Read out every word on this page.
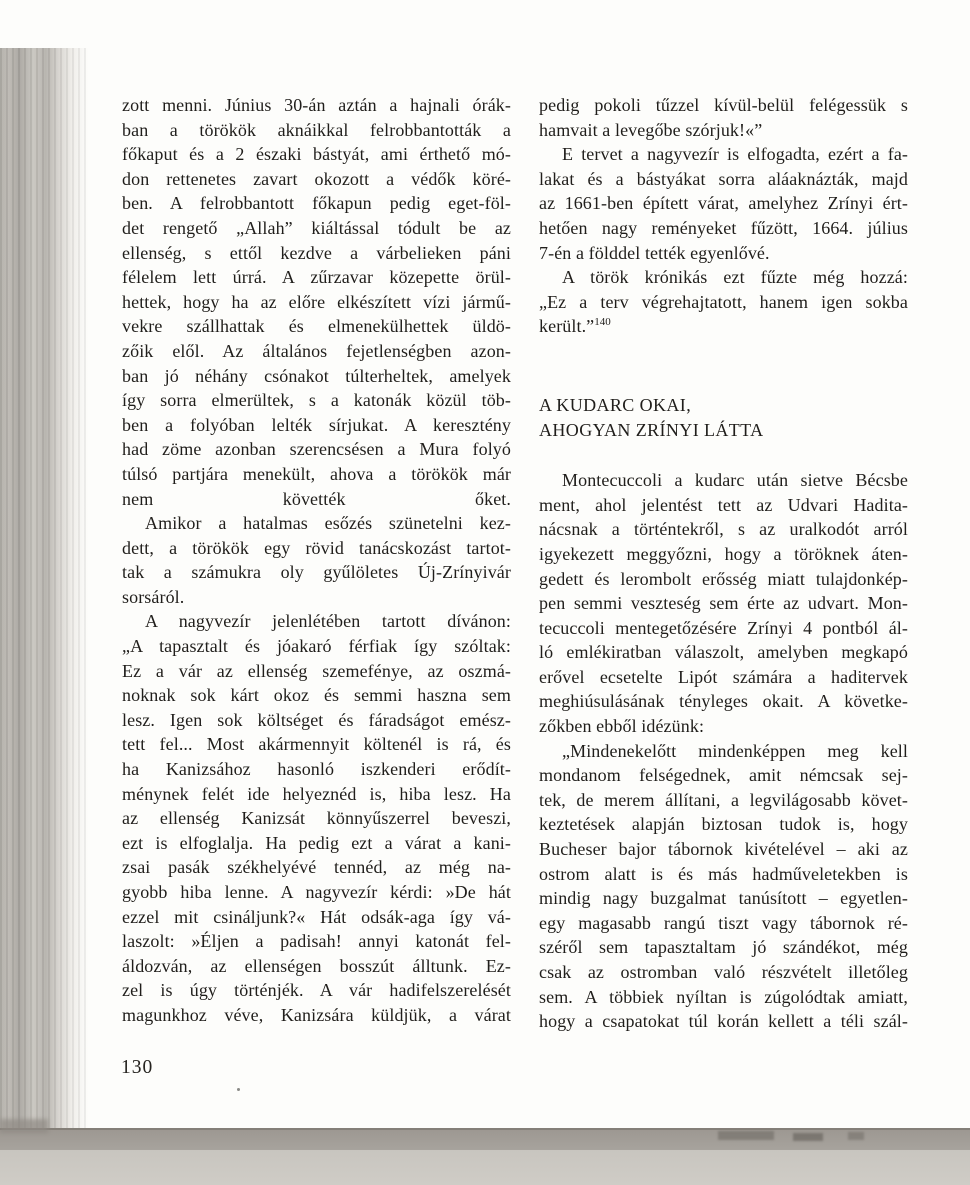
zott menni. Június 30-án aztán a hajnali órák-
ban a törökök aknáikkal felrobbantották a
főkaput és a 2 északi bástyát, ami érthető mó-
don rettenetes zavart okozott a védők köré-
ben. A felrobbantott főkapun pedig eget-föl-
det rengető „Allah” kiáltással tódult be az
ellenség, s ettől kezdve a várbelieken páni
félelem lett úrrá. A zűrzavar közepette örül-
hettek, hogy ha az előre elkészített vízi jármű-
vekre szállhattak és elmenekülhettek üldö-
zőik elől. Az általános fejetlenségben azon-
ban jó néhány csónakot túlterheltek, amelyek
így sorra elmerültek, s a katonák közül töb-
ben a folyóban lelték sírjukat. A keresztény
had zöme azonban szerencsésen a Mura folyó
túlsó partjára menekült, ahova a törökök már
nem követték őket.
Amikor a hatalmas esőzés szünetelni kez-
dett, a törökök egy rövid tanácskozást tartot-
tak a számukra oly gyűlöletes Új-Zrínyivár
sorsáról.
A nagyvezír jelenlétében tartott dívánon:
„A tapasztalt és jóakaró férfiak így szóltak:
Ez a vár az ellenség szemefénye, az oszmá-
noknak sok kárt okoz és semmi haszna sem
lesz. Igen sok költséget és fáradságot emész-
tett fel... Most akármennyit költenél is rá, és
ha Kanizsához hasonló iszkenderi erődít-
ménynek felét ide helyeznéd is, hiba lesz. Ha
az ellenség Kanizsát könnyűszerrel beveszi,
ezt is elfoglalja. Ha pedig ezt a várat a kani-
zsai pasák székhelyévé tennéd, az még na-
gyobb hiba lenne. A nagyvezír kérdi: »De hát
ezzel mit csináljunk?« Hát odsák-aga így vá-
laszolt: »Éljen a padisah! annyi katonát fel-
áldozván, az ellenségen bosszút álltunk. Ez-
zel is úgy történjék. A vár hadifelszerelését
magunkhoz véve, Kanizsára küldjük, a várat
pedig pokoli tűzzel kívül-belül felégessük s
hamvait a levegőbe szórjuk!«”
E tervet a nagyvezír is elfogadta, ezért a fa-
lakat és a bástyákat sorra aláaknázták, majd
az 1661-ben épített várat, amelyhez Zrínyi ért-
hetően nagy reményeket fűzött, 1664. július
7-én a földdel tették egyenlővé.
A török krónikás ezt fűzte még hozzá:
„Ez a terv végrehajtatott, hanem igen sokba
került.”$^{140}$
A KUDARC OKAI,
AHOGYAN ZRÍNYI LÁTTA
Montecuccoli a kudarc után sietve Bécsbe
ment, ahol jelentést tett az Udvari Hadita-
nácsnak a történtekről, s az uralkodót arról
igyekezett meggyőzni, hogy a töröknek áten-
gedett és lerombolt erősség miatt tulajdonkép-
pen semmi veszteség sem érte az udvart. Mon-
tecuccoli mentegetőzésére Zrínyi 4 pontból ál-
ló emlékiratban válaszolt, amelyben megkapó
erővel ecsetelte Lipót számára a haditervek
meghiúsulásának tényleges okait. A követke-
zőkben ebből idézünk:
„Mindenekelőtt mindenképpen meg kell
mondanom felségednek, amit némcsak sej-
tek, de merem állítani, a legvilágosabb követ-
keztetések alapján biztosan tudok is, hogy
Bucheser bajor tábornok kivételével – aki az
ostrom alatt is és más hadműveletekben is
mindig nagy buzgalmat tanúsított – egyetlen-
egy magasabb rangú tiszt vagy tábornok ré-
széről sem tapasztaltam jó szándékot, még
csak az ostromban való részvételt illetőleg
sem. A többiek nyíltan is zúgolódtak amiatt,
hogy a csapatokat túl korán kellett a téli szál-
130
